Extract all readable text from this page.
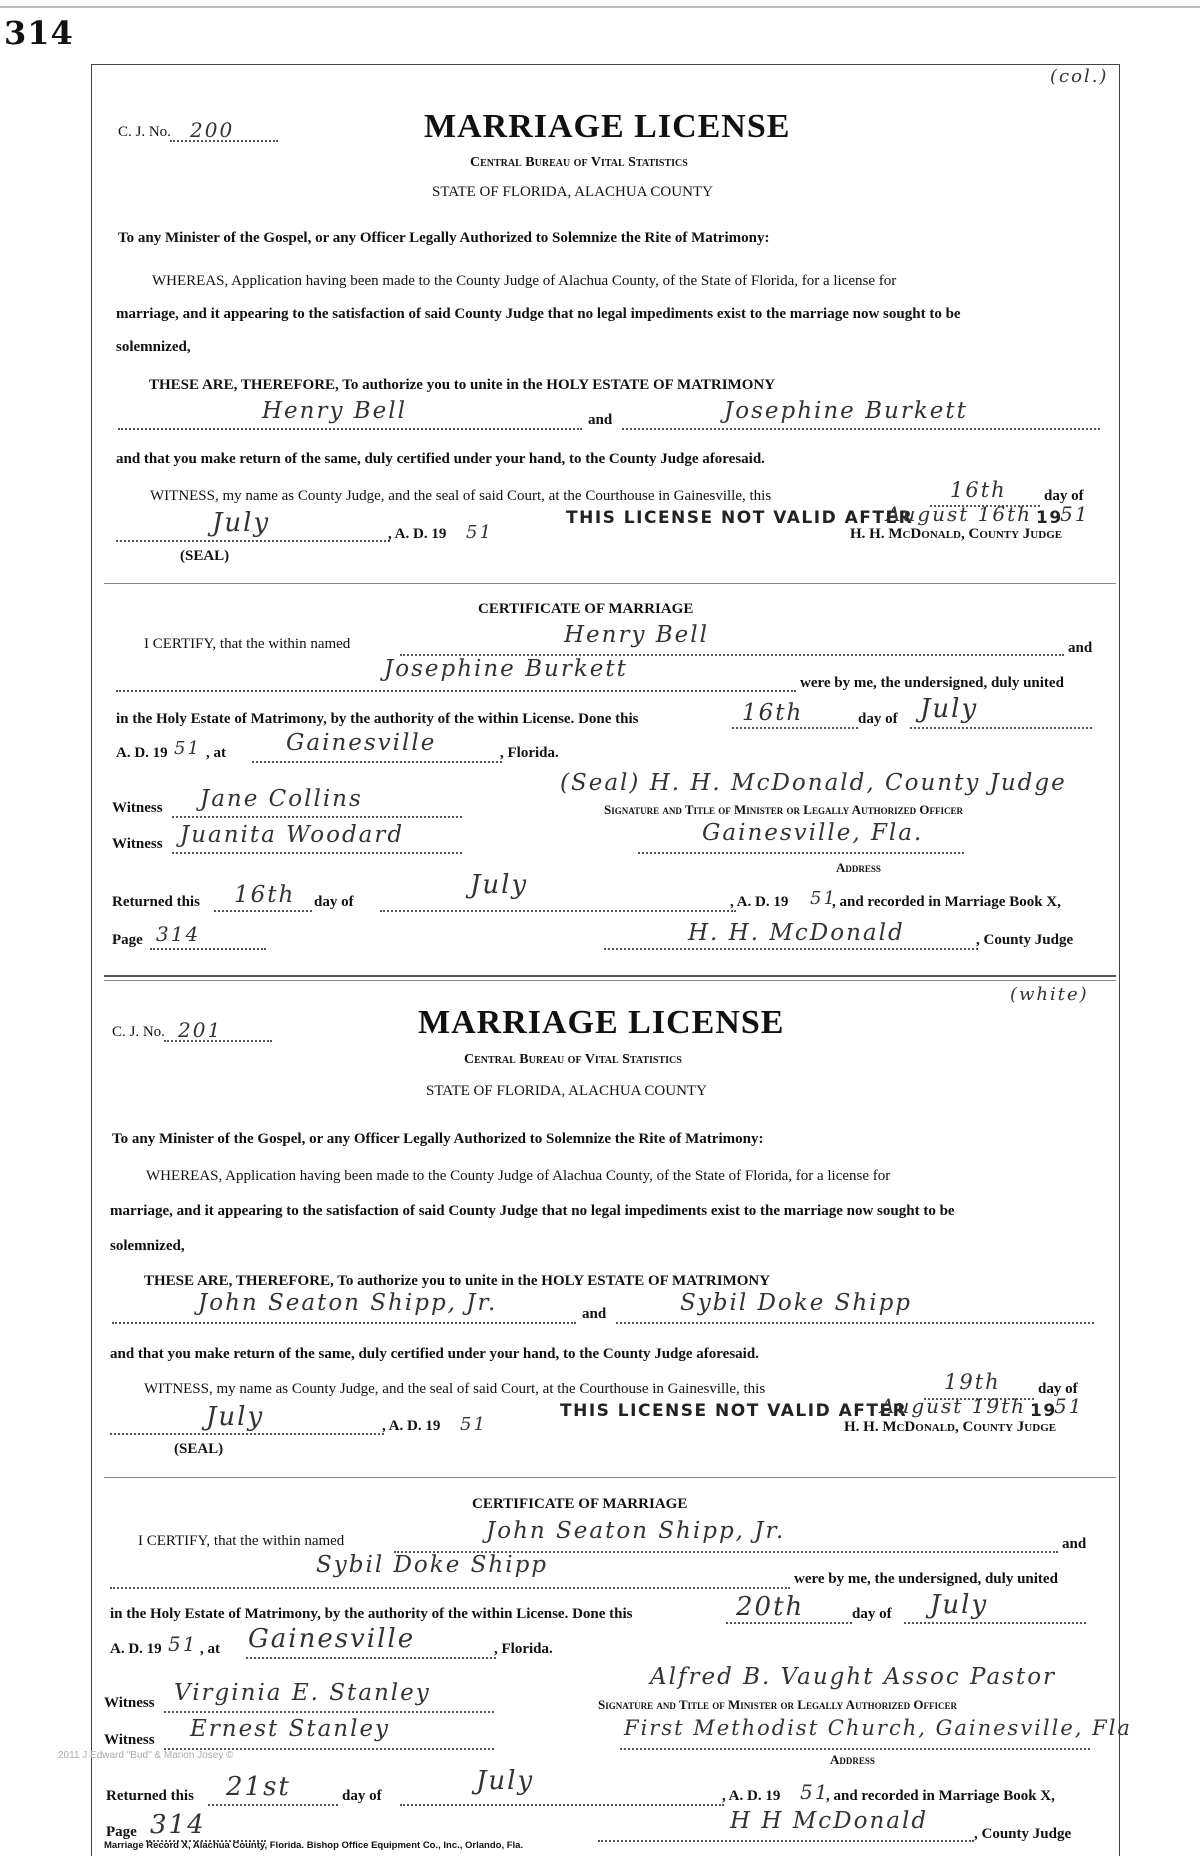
314
(col.)
C. J. No. 200	MARRIAGE LICENSE
Central Bureau of Vital Statistics
STATE OF FLORIDA, ALACHUA COUNTY
To any Minister of the Gospel, or any Officer Legally Authorized to Solemnize the Rite of Matrimony:
WHEREAS, Application having been made to the County Judge of Alachua County, of the State of Florida, for a license for
marriage, and it appearing to the satisfaction of said County Judge that no legal impediments exist to the marriage now sought to be
solemnized,
THESE ARE, THEREFORE, To authorize you to unite in the HOLY ESTATE OF MATRIMONY
Henry Bell	and	Josephine Burkett
and that you make return of the same, duly certified under your hand, to the County Judge aforesaid.
WITNESS, my name as County Judge, and the seal of said Court, at the Courthouse in Gainesville, this	16th day of
July	, A. D. 19 51
THIS LICENSE NOT VALID AFTER
August 16th 19
51
(SEAL)
H. H. McDonald, County Judge
CERTIFICATE OF MARRIAGE
I CERTIFY, that the within named	Henry Bell	and
Josephine Burkett
were by me, the undersigned, duly united
in the Holy Estate of Matrimony, by the authority of the within License. Done this	16th	day of July
A. D. 19 51 , at	Gainesville	, Florida.
(Seal) H. H. McDonald, County Judge
Witness Jane Collins	Signature and Title of Minister or Legally Authorized Officer
Witness Juanita Woodard	Gainesville, Fla.
Address
Returned this 16th day of
July
, A. D. 19 51
, and recorded in Marriage Book X,
Page 314	H. H. McDonald	, County Judge
(white)
C. J. No. 201	MARRIAGE LICENSE
Central Bureau of Vital Statistics
STATE OF FLORIDA, ALACHUA COUNTY
To any Minister of the Gospel, or any Officer Legally Authorized to Solemnize the Rite of Matrimony:
WHEREAS, Application having been made to the County Judge of Alachua County, of the State of Florida, for a license for
marriage, and it appearing to the satisfaction of said County Judge that no legal impediments exist to the marriage now sought to be
solemnized,
THESE ARE, THEREFORE, To authorize you to unite in the HOLY ESTATE OF MATRIMONY
John Seaton Shipp, Jr.	and	Sybil Doke Shipp
and that you make return of the same, duly certified under your hand, to the County Judge aforesaid.
WITNESS, my name as County Judge, and the seal of said Court, at the Courthouse in Gainesville, this	19th day of
July	, A. D. 19 51
THIS LICENSE NOT VALID AFTER
August 19th 19
51
(SEAL)
H. H. McDonald, County Judge
CERTIFICATE OF MARRIAGE
I CERTIFY, that the within named	John Seaton Shipp, Jr.	and
Sybil Doke Shipp
were by me, the undersigned, duly united
in the Holy Estate of Matrimony, by the authority of the within License. Done this	20th	day of July
A. D. 19 51 , at Gainesville	, Florida.
Alfred B. Vaught Assoc Pastor
Witness Virginia E. Stanley	Signature and Title of Minister or Legally Authorized Officer
Witness Ernest Stanley	First Methodist Church, Gainesville, Fla
Address
2011 J Edward "Bud" & Marion Josey ©
Returned this 21st	day of	July	, A. D. 19 51
, and recorded in Marriage Book X,
Page 314	H H McDonald	, County Judge
Marriage Record X, Alachua County, Florida. Bishop Office Equipment Co., Inc., Orlando, Fla.
